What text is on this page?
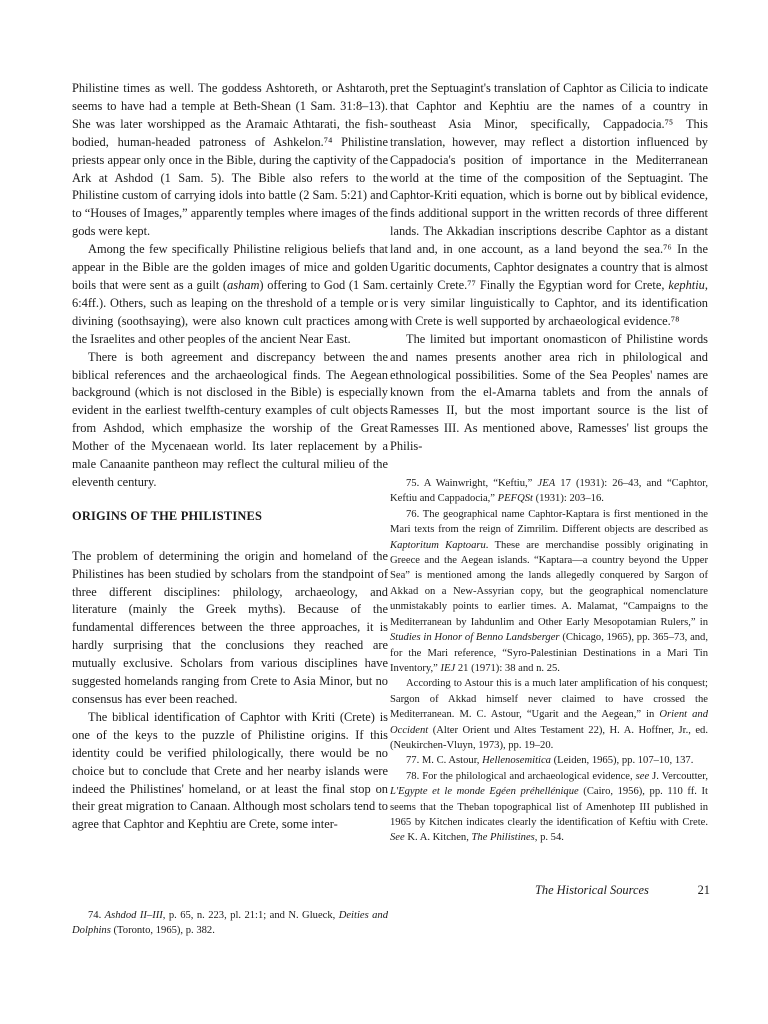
Philistine times as well. The goddess Ashtoreth, or Ashtaroth, seems to have had a temple at Beth-Shean (1 Sam. 31:8–13). She was later worshipped as the Aramaic Athtarati, the fish-bodied, human-headed patroness of Ashkelon.⁷⁴ Philistine priests appear only once in the Bible, during the captivity of the Ark at Ashdod (1 Sam. 5). The Bible also refers to the Philistine custom of carrying idols into battle (2 Sam. 5:21) and to “Houses of Images,” apparently temples where images of the gods were kept.

Among the few specifically Philistine religious beliefs that appear in the Bible are the golden images of mice and golden boils that were sent as a guilt (asham) offering to God (1 Sam. 6:4ff.). Others, such as leaping on the threshold of a temple or divining (soothsaying), were also known cult practices among the Israelites and other peoples of the ancient Near East.

There is both agreement and discrepancy between the biblical references and the archaeological finds. The Aegean background (which is not disclosed in the Bible) is especially evident in the earliest twelfth-century examples of cult objects from Ashdod, which emphasize the worship of the Great Mother of the Mycenaean world. Its later replacement by a male Canaanite pantheon may reflect the cultural milieu of the eleventh century.

ORIGINS OF THE PHILISTINES

The problem of determining the origin and homeland of the Philistines has been studied by scholars from the standpoint of three different disciplines: philology, archaeology, and literature (mainly the Greek myths). Because of the fundamental differences between the three approaches, it is hardly surprising that the conclusions they reached are mutually exclusive. Scholars from various disciplines have suggested homelands ranging from Crete to Asia Minor, but no consensus has ever been reached.

The biblical identification of Caphtor with Kriti (Crete) is one of the keys to the puzzle of Philistine origins. If this identity could be verified philologically, there would be no choice but to conclude that Crete and her nearby islands were indeed the Philistines' homeland, or at least the final stop on their great migration to Canaan. Although most scholars tend to agree that Caphtor and Kephtiu are Crete, some inter-

74. Ashdod II–III, p. 65, n. 223, pl. 21:1; and N. Glueck, Deities and Dolphins (Toronto, 1965), p. 382.

pret the Septuagint's translation of Caphtor as Cilicia to indicate that Caphtor and Kephtiu are the names of a country in southeast Asia Minor, specifically, Cappadocia.⁷⁵ This translation, however, may reflect a distortion influenced by Cappadocia's position of importance in the Mediterranean world at the time of the composition of the Septuagint. The Caphtor-Kriti equation, which is borne out by biblical evidence, finds additional support in the written records of three different lands. The Akkadian inscriptions describe Caphtor as a distant land and, in one account, as a land beyond the sea.⁷⁶ In the Ugaritic documents, Caphtor designates a country that is almost certainly Crete.⁷⁷ Finally the Egyptian word for Crete, kephtiu, is very similar linguistically to Caphtor, and its identification with Crete is well supported by archaeological evidence.⁷⁸

The limited but important onomasticon of Philistine words and names presents another area rich in philological and ethnological possibilities. Some of the Sea Peoples' names are known from the el-Amarna tablets and from the annals of Ramesses II, but the most important source is the list of Ramesses III. As mentioned above, Ramesses' list groups the Philis-

75. A Wainwright, “Keftiu,” JEA 17 (1931): 26–43, and “Caphtor, Keftiu and Cappadocia,” PEFQSt (1931): 203–16.

76. The geographical name Caphtor-Kaptara is first mentioned in the Mari texts from the reign of Zimrilim. Different objects are described as Kaptoritum Kaptoaru. These are merchandise possibly originating in Greece and the Aegean islands. “Kaptara—a country beyond the Upper Sea” is mentioned among the lands allegedly conquered by Sargon of Akkad on a New-Assyrian copy, but the geographical nomenclature unmistakably points to earlier times. A. Malamat, “Campaigns to the Mediterranean by Iahdunlim and Other Early Mesopotamian Rulers,” in Studies in Honor of Benno Landsberger (Chicago, 1965), pp. 365–73, and, for the Mari reference, “Syro-Palestinian Destinations in a Mari Tin Inventory,” IEJ 21 (1971): 38 and n. 25.

According to Astour this is a much later amplification of his conquest; Sargon of Akkad himself never claimed to have crossed the Mediterranean. M. C. Astour, “Ugarit and the Aegean,” in Orient and Occident (Alter Orient und Altes Testament 22), H. A. Hoffner, Jr., ed. (Neukirchen-Vluyn, 1973), pp. 19–20.

77. M. C. Astour, Hellenosemitica (Leiden, 1965), pp. 107–10, 137.

78. For the philological and archaeological evidence, see J. Vercoutter, L'Egypte et le monde Egéen préhellénique (Cairo, 1956), pp. 110 ff. It seems that the Theban topographical list of Amenhotep III published in 1965 by Kitchen indicates clearly the identification of Keftiu with Crete. See K. A. Kitchen, The Philistines, p. 54.

The Historical Sources	21
